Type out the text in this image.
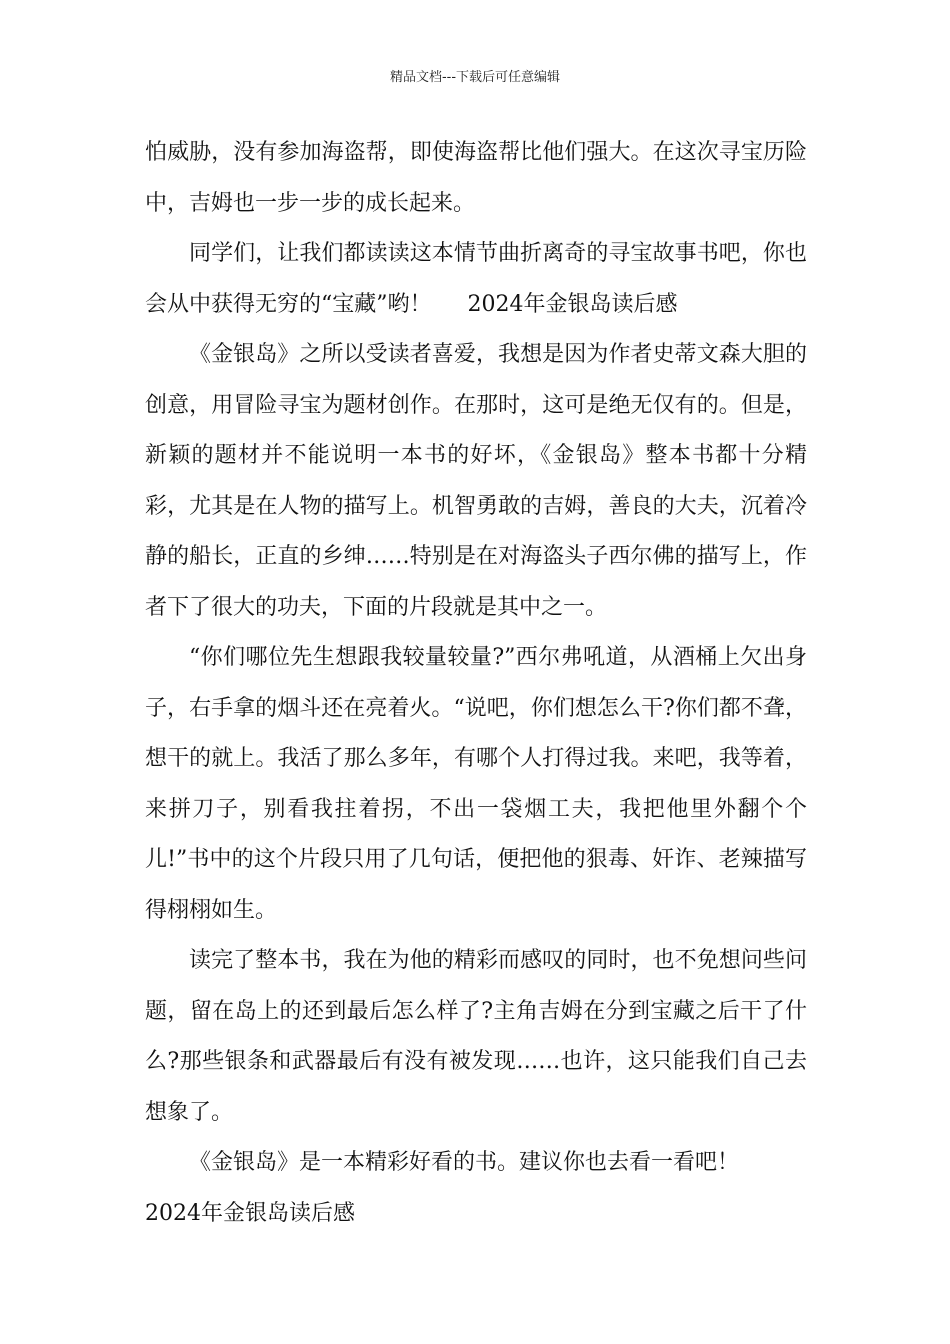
精品文档---下载后可任意编辑

怕威胁，没有参加海盗帮，即使海盗帮比他们强大。在这次寻宝历险中，吉姆也一步一步的成长起来。

同学们，让我们都读读这本情节曲折离奇的寻宝故事书吧，你也会从中获得无穷的“宝藏”哟！ 2024年金银岛读后感

《金银岛》之所以受读者喜爱，我想是因为作者史蒂文森大胆的创意，用冒险寻宝为题材创作。在那时，这可是绝无仅有的。但是，新颖的题材并不能说明一本书的好坏，《金银岛》整本书都十分精彩，尤其是在人物的描写上。机智勇敢的吉姆，善良的大夫，沉着冷静的船长，正直的乡绅……特别是在对海盗头子西尔佛的描写上，作者下了很大的功夫，下面的片段就是其中之一。

“你们哪位先生想跟我较量较量?”西尔弗吼道，从酒桶上欠出身子，右手拿的烟斗还在亮着火。“说吧，你们想怎么干?你们都不聋，想干的就上。我活了那么多年，有哪个人打得过我。来吧，我等着，来拼刀子，别看我拄着拐，不出一袋烟工夫，我把他里外翻个个儿!”书中的这个片段只用了几句话，便把他的狠毒、奸诈、老辣描写得栩栩如生。

读完了整本书，我在为他的精彩而感叹的同时，也不免想问些问题，留在岛上的还到最后怎么样了?主角吉姆在分到宝藏之后干了什么?那些银条和武器最后有没有被发现……也许，这只能我们自己去想象了。

《金银岛》是一本精彩好看的书。建议你也去看一看吧！

2024年金银岛读后感
